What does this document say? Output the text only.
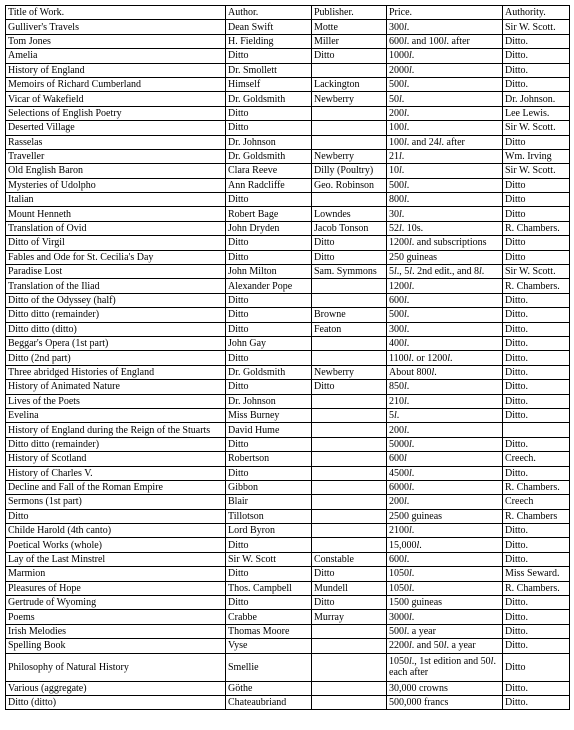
Title of Work.	Author.	Publisher.	Price.	Authority.
Gulliver's Travels	Dean Swift	Motte	300l.	Sir W. Scott.
Tom Jones	H. Fielding	Miller	600l. and 100l. after	Ditto.
Amelia	Ditto	Ditto	1000l.	Ditto.
History of England	Dr. Smollett		2000l.	Ditto.
Memoirs of Richard Cumberland	Himself	Lackington	500l.	Ditto.
Vicar of Wakefield	Dr. Goldsmith	Newberry	50l.	Dr. Johnson.
Selections of English Poetry	Ditto		200l.	Lee Lewis.
Deserted Village	Ditto		100l.	Sir W. Scott.
Rasselas	Dr. Johnson		100l. and 24l. after	Ditto
Traveller	Dr. Goldsmith	Newberry	21l.	Wm. Irving
Old English Baron	Clara Reeve	Dilly (Poultry)	10l.	Sir W. Scott.
Mysteries of Udolpho	Ann Radcliffe	Geo. Robinson	500l.	Ditto
Italian	Ditto		800l.	Ditto
Mount Henneth	Robert Bage	Lowndes	30l.	Ditto
Translation of Ovid	John Dryden	Jacob Tonson	52l. 10s.	R. Chambers.
Ditto of Virgil	Ditto	Ditto	1200l. and subscriptions	Ditto
Fables and Ode for St. Cecilia's Day	Ditto	Ditto	250 guineas	Ditto
Paradise Lost	John Milton	Sam. Symmons	5l., 5l. 2nd edit., and 8l.	Sir W. Scott.
Translation of the Iliad	Alexander Pope		1200l.	R. Chambers.
Ditto of the Odyssey (half)	Ditto		600l.	Ditto.
Ditto ditto (remainder)	Ditto	Browne	500l.	Ditto.
Ditto ditto (ditto)	Ditto	Featon	300l.	Ditto.
Beggar's Opera (1st part)	John Gay		400l.	Ditto.
Ditto (2nd part)	Ditto		1100l. or 1200l.	Ditto.
Three abridged Histories of England	Dr. Goldsmith	Newberry	About 800l.	Ditto.
History of Animated Nature	Ditto	Ditto	850l.	Ditto.
Lives of the Poets	Dr. Johnson		210l.	Ditto.
Evelina	Miss Burney		5l.	Ditto.
History of England during the Reign of the Stuarts	David Hume		200l.	
Ditto ditto (remainder)	Ditto		5000l.	Ditto.
History of Scotland	Robertson		600l	Creech.
History of Charles V.	Ditto		4500l.	Ditto.
Decline and Fall of the Roman Empire	Gibbon		6000l.	R. Chambers.
Sermons (1st part)	Blair		200l.	Creech
Ditto	Tillotson		2500 guineas	R. Chambers
Childe Harold (4th canto)	Lord Byron		2100l.	Ditto.
Poetical Works (whole)	Ditto		15,000l.	Ditto.
Lay of the Last Minstrel	Sir W. Scott	Constable	600l.	Ditto.
Marmion	Ditto	Ditto	1050l.	Miss Seward.
Pleasures of Hope	Thos. Campbell	Mundell	1050l.	R. Chambers.
Gertrude of Wyoming	Ditto	Ditto	1500 guineas	Ditto.
Poems	Crabbe	Murray	3000l.	Ditto.
Irish Melodies	Thomas Moore		500l. a year	Ditto.
Spelling Book	Vyse		2200l. and 50l. a year	Ditto.
Philosophy of Natural History	Smellie		1050l., 1st edition and 50l. each after	Ditto
Various (aggregate)	Göthe		30,000 crowns	Ditto.
Ditto (ditto)	Chateaubriand		500,000 francs	Ditto.
